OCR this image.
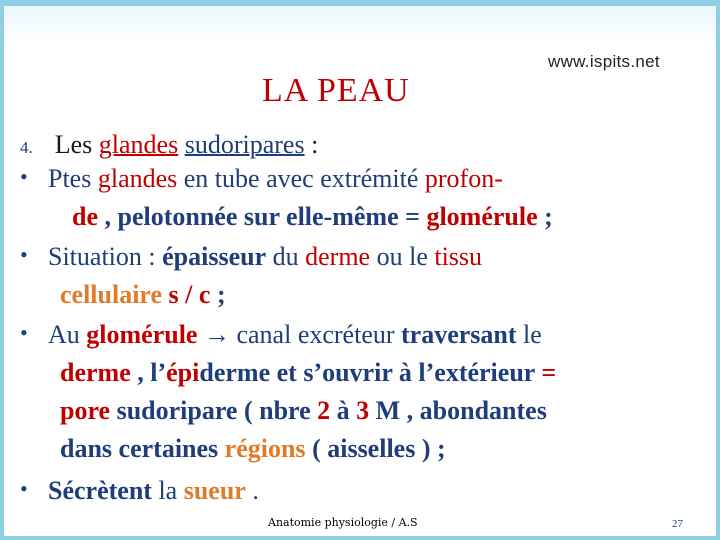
www.ispits.net
LA PEAU
4. Les glandes sudoripares :
• Ptes glandes en tube avec extrémité profon-
de , pelotonnée sur elle-même = glomérule ;
• Situation : épaisseur du derme ou le tissu
cellulaire s / c ;
• Au glomérule → canal excréteur traversant le
derme , l’épiderme et s’ouvrir à l’extérieur =
pore sudoripare ( nbre 2 à 3 M , abondantes
dans certaines régions ( aisselles ) ;
• Sécrètent la sueur .
Anatomie physiologie / A.S	27
